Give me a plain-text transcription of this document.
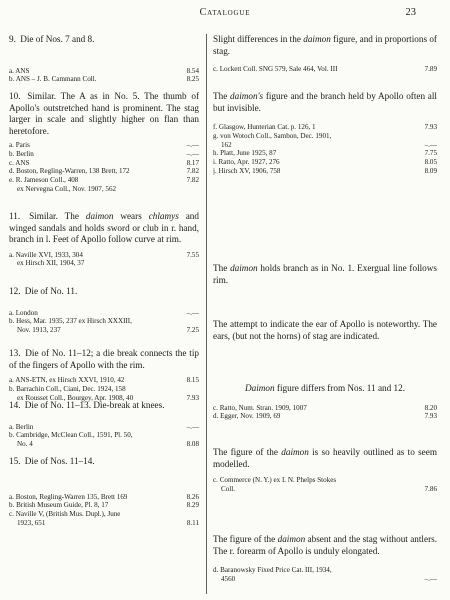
Catalogue	23

9. Die of Nos. 7 and 8.

a. ANS	8.54
b. ANS – J. B. Cammann Coll.	8.25

10. Similar. The A as in No. 5. The thumb of Apollo's outstretched hand is prominent. The stag larger in scale and slightly higher on flan than heretofore.

a. Paris	–.—
b. Berlin	–.—
c. ANS	8.17
d. Boston, Regling-Warren, 138 Brett, 172	7.82
e. R. Jameson Coll., 408	7.82
ex Nervegna Coll., Nov. 1907, 562

11. Similar. The daimon wears chlamys and winged sandals and holds sword or club in r. hand, branch in l. Feet of Apollo follow curve at rim.

a. Naville XVI, 1933, 304	7.55
ex Hirsch XII, 1904, 37

12. Die of No. 11.

a. London	–.—
b. Hess, Mar. 1935, 237 ex Hirsch XXXIII,
Nov. 1913, 237	7.25

13. Die of No. 11–12; a die break connects the tip of the fingers of Apollo with the rim.

a. ANS-ETN, ex Hirsch XXVI, 1910, 42	8.15
b. Barrachin Coll., Ciani, Dec. 1924, 158
ex Rousset Coll., Bourgey, Apr. 1908, 40	7.93

14. Die of No. 11–13. Die-break at knees.

a. Berlin	–.—
b. Cambridge, McClean Coll., 1591, Pl. 50,
No. 4	8.08

15. Die of Nos. 11–14.

a. Boston, Regling-Warren 135, Brett 169	8.26
b. British Museum Guide, Pl. 8, 17	8.29
c. Naville V, (British Mus. Dupl.), June
1923, 651	8.11

Slight differences in the daimon figure, and in proportions of stag.

c. Lockett Coll. SNG 579, Sale 464, Vol. III	7.89

The daimon's figure and the branch held by Apollo often all but invisible.

f. Glasgow, Hunterian Cat. p. 126, 1	7.93
g. von Wotoch Coll., Sambon, Dec. 1901,
162	–.—
h. Platt, June 1925, 87	7.75
i. Ratto, Apr. 1927, 276	8.05
j. Hirsch XV, 1906, 758	8.09

The daimon holds branch as in No. 1. Exergual line follows rim.

The attempt to indicate the ear of Apollo is noteworthy. The ears, (but not the horns) of stag are indicated.

Daimon figure differs from Nos. 11 and 12.

c. Ratto, Num. Stran. 1909, 1007	8.20
d. Egger, Nov. 1909, 69	7.93

The figure of the daimon is so heavily outlined as to seem modelled.

c. Commerce (N. Y.) ex I. N. Phelps Stokes
Coll.	7.86

The figure of the daimon absent and the stag without antlers. The r. forearm of Apollo is unduly elongated.

d. Baranowsky Fixed Price Cat. III, 1934,
4560	–.—
